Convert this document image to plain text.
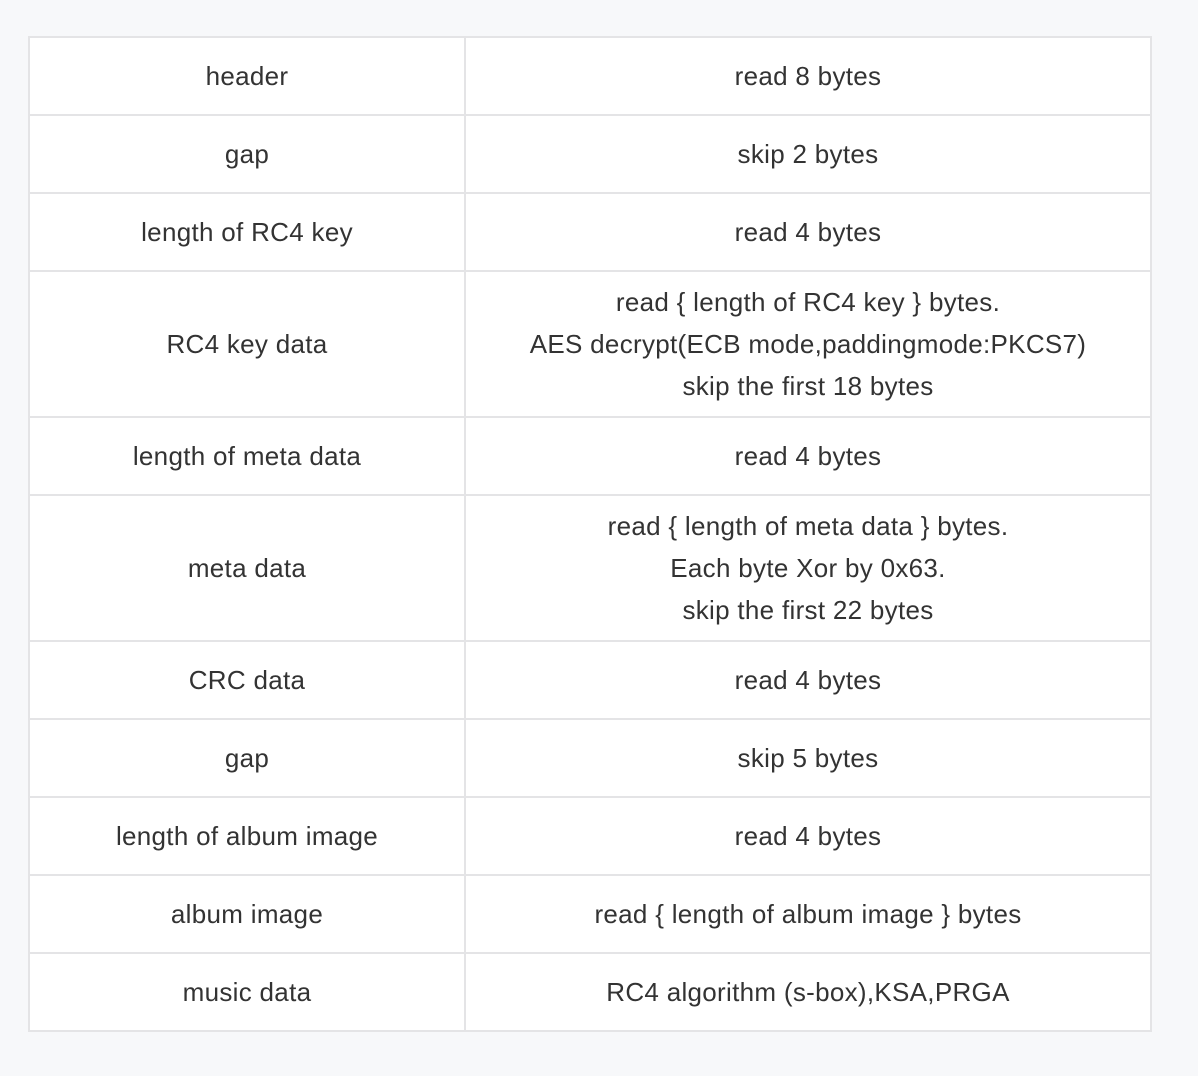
header	read 8 bytes

gap	skip 2 bytes

length of RC4 key	read 4 bytes

RC4 key data	read { length of RC4 key } bytes.
AES decrypt(ECB mode,paddingmode:PKCS7)
skip the first 18 bytes

length of meta data	read 4 bytes

meta data	read { length of meta data } bytes.
Each byte Xor by 0x63.
skip the first 22 bytes

CRC data	read 4 bytes

gap	skip 5 bytes

length of album image	read 4 bytes

album image	read { length of album image } bytes

music data	RC4 algorithm (s-box),KSA,PRGA
